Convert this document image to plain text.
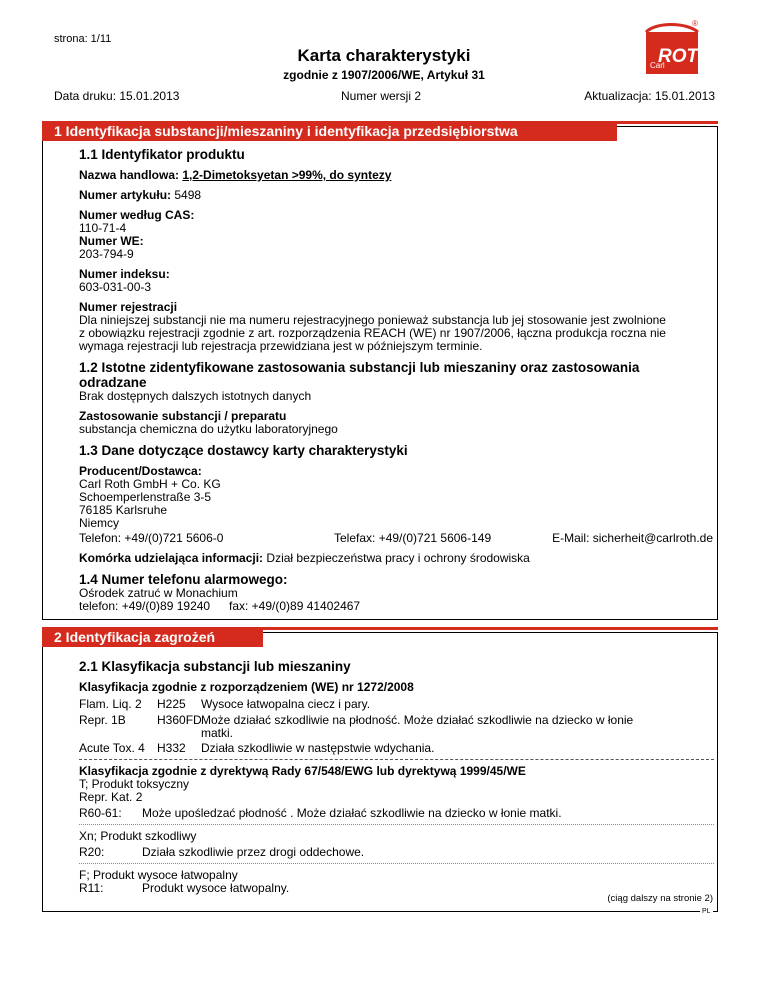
strona: 1/11
Karta charakterystyki
zgodnie z 1907/2006/WE, Artykuł 31
Carl
ROT
®
Data druku: 15.01.2013	Numer wersji 2	Aktualizacja: 15.01.2013
1 Identyfikacja substancji/mieszaniny i identyfikacja przedsiębiorstwa
1.1 Identyfikator produktu
Nazwa handlowa: 1,2-Dimetoksyetan >99%, do syntezy
Numer artykułu: 5498
Numer według CAS:
110-71-4
Numer WE:
203-794-9
Numer indeksu:
603-031-00-3
Numer rejestracji
Dla niniejszej substancji nie ma numeru rejestracyjnego ponieważ substancja lub jej stosowanie jest zwolnione
z obowiązku rejestracji zgodnie z art. rozporządzenia REACH (WE) nr 1907/2006, łączna produkcja roczna nie
wymaga rejestracji lub rejestracja przewidziana jest w późniejszym terminie.
1.2 Istotne zidentyfikowane zastosowania substancji lub mieszaniny oraz zastosowania
odradzane
Brak dostępnych dalszych istotnych danych
Zastosowanie substancji / preparatu
substancja chemiczna do użytku laboratoryjnego
1.3 Dane dotyczące dostawcy karty charakterystyki
Producent/Dostawca:
Carl Roth GmbH + Co. KG
Schoemperlenstraße 3-5
76185 Karlsruhe
Niemcy
Telefon: +49/(0)721 5606-0	Telefax: +49/(0)721 5606-149	E-Mail: sicherheit@carlroth.de
Komórka udzielająca informacji: Dział bezpieczeństwa pracy i ochrony środowiska
1.4 Numer telefonu alarmowego:
Ośrodek zatruć w Monachium
telefon: +49/(0)89 19240 fax: +49/(0)89 41402467
2 Identyfikacja zagrożeń
2.1 Klasyfikacja substancji lub mieszaniny
Klasyfikacja zgodnie z rozporządzeniem (WE) nr 1272/2008
Flam. Liq. 2 H225 Wysoce łatwopalna ciecz i pary.
Repr. 1B	H360FD Może działać szkodliwie na płodność. Może działać szkodliwie na dziecko w łonie
matki.
Acute Tox. 4 H332 Działa szkodliwie w następstwie wdychania.
Klasyfikacja zgodnie z dyrektywą Rady 67/548/EWG lub dyrektywą 1999/45/WE
T; Produkt toksyczny
Repr. Kat. 2
R60-61: Może upośledzać płodność . Może działać szkodliwie na dziecko w łonie matki.
Xn; Produkt szkodliwy
R20:	Działa szkodliwie przez drogi oddechowe.
F; Produkt wysoce łatwopalny
R11:	Produkt wysoce łatwopalny.
(ciąg dalszy na stronie 2)
PL
